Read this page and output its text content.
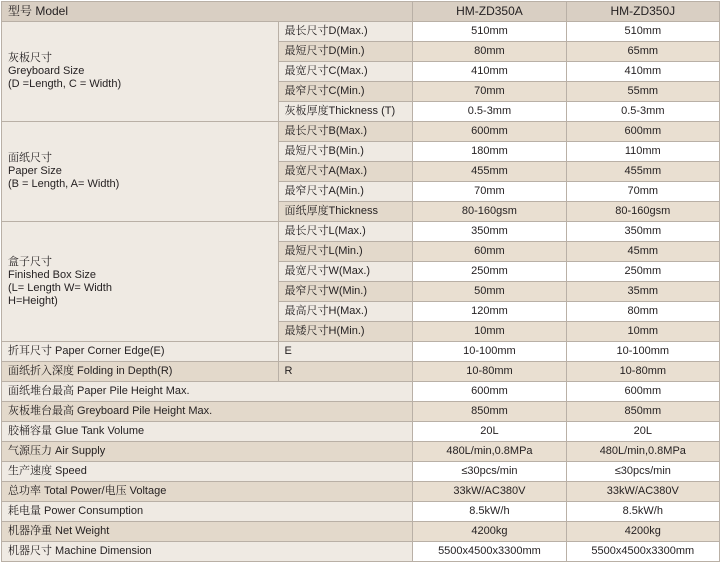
型号 Model		HM-ZD350A	HM-ZD350J

灰板尺寸
Greyboard Size
(D =Length, C = Width)	最长尺寸D(Max.)	510mm	510mm
	最短尺寸D(Min.)	80mm	65mm
	最宽尺寸C(Max.)	410mm	410mm
	最窄尺寸C(Min.)	70mm	55mm
	灰板厚度Thickness (T)	0.5-3mm	0.5-3mm

面纸尺寸
Paper Size
(B = Length, A= Width)	最长尺寸B(Max.)	600mm	600mm
	最短尺寸B(Min.)	180mm	110mm
	最宽尺寸A(Max.)	455mm	455mm
	最窄尺寸A(Min.)	70mm	70mm
	面纸厚度Thickness	80-160gsm	80-160gsm

盒子尺寸
Finished Box Size
(L= Length W= Width
H=Height)	最长尺寸L(Max.)	350mm	350mm
	最短尺寸L(Min.)	60mm	45mm
	最宽尺寸W(Max.)	250mm	250mm
	最窄尺寸W(Min.)	50mm	35mm
	最高尺寸H(Max.)	120mm	80mm
	最矮尺寸H(Min.)	10mm	10mm
折耳尺寸 Paper Corner Edge(E)	E	10-100mm	10-100mm
面纸折入深度 Folding in Depth(R)	R	10-80mm	10-80mm
面纸堆台最高 Paper Pile Height Max.		600mm	600mm
灰板堆台最高 Greyboard Pile Height Max.		850mm	850mm
胶桶容量 Glue Tank Volume		20L	20L
气源压力 Air Supply		480L/min,0.8MPa	480L/min,0.8MPa
生产速度 Speed		≤30pcs/min	≤30pcs/min
总功率 Total Power/电压 Voltage		33kW/AC380V	33kW/AC380V
耗电量 Power Consumption		8.5kW/h	8.5kW/h
机器净重 Net Weight		4200kg	4200kg
机器尺寸 Machine Dimension		5500x4500x3300mm	5500x4500x3300mm
